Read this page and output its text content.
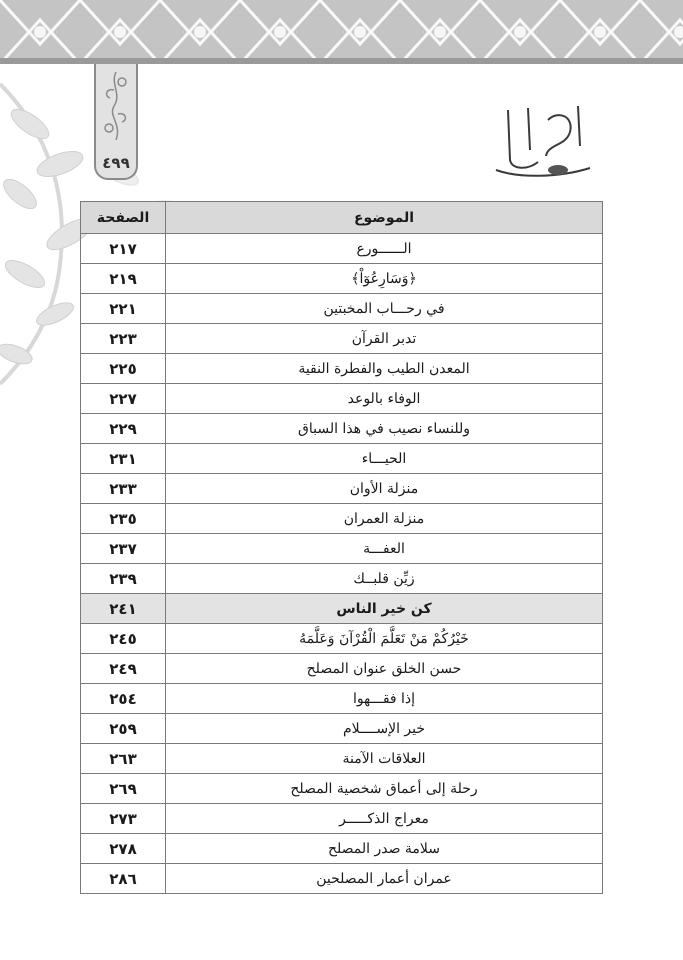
٤٩٩
الموضوع	الصفحة
الــــــورع	٢١٧
﴿وَسَارِعُوٓاْ﴾	٢١٩
في رحـــاب المخبتين	٢٢١
تدبر القرآن	٢٢٣
المعدن الطيب والفطرة النقية	٢٢٥
الوفاء بالوعد	٢٢٧
وللنساء نصيب في هذا السباق	٢٢٩
الحيـــاء	٢٣١
منزلة الأوان	٢٣٣
منزلة العمران	٢٣٥
العفـــة	٢٣٧
زيِّن قلبــك	٢٣٩
كن خير الناس	٢٤١
خَيْرُكُمْ مَنْ تَعَلَّمَ الْقُرْآنَ وَعَلَّمَهُ	٢٤٥
حسن الخلق عنوان المصلح	٢٤٩
إذا فقـــهوا	٢٥٤
خير الإســــلام	٢٥٩
العلاقات الآمنة	٢٦٣
رحلة إلى أعماق شخصية المصلح	٢٦٩
معراج الذكـــــر	٢٧٣
سلامة صدر المصلح	٢٧٨
عمران أعمار المصلحين	٢٨٦
